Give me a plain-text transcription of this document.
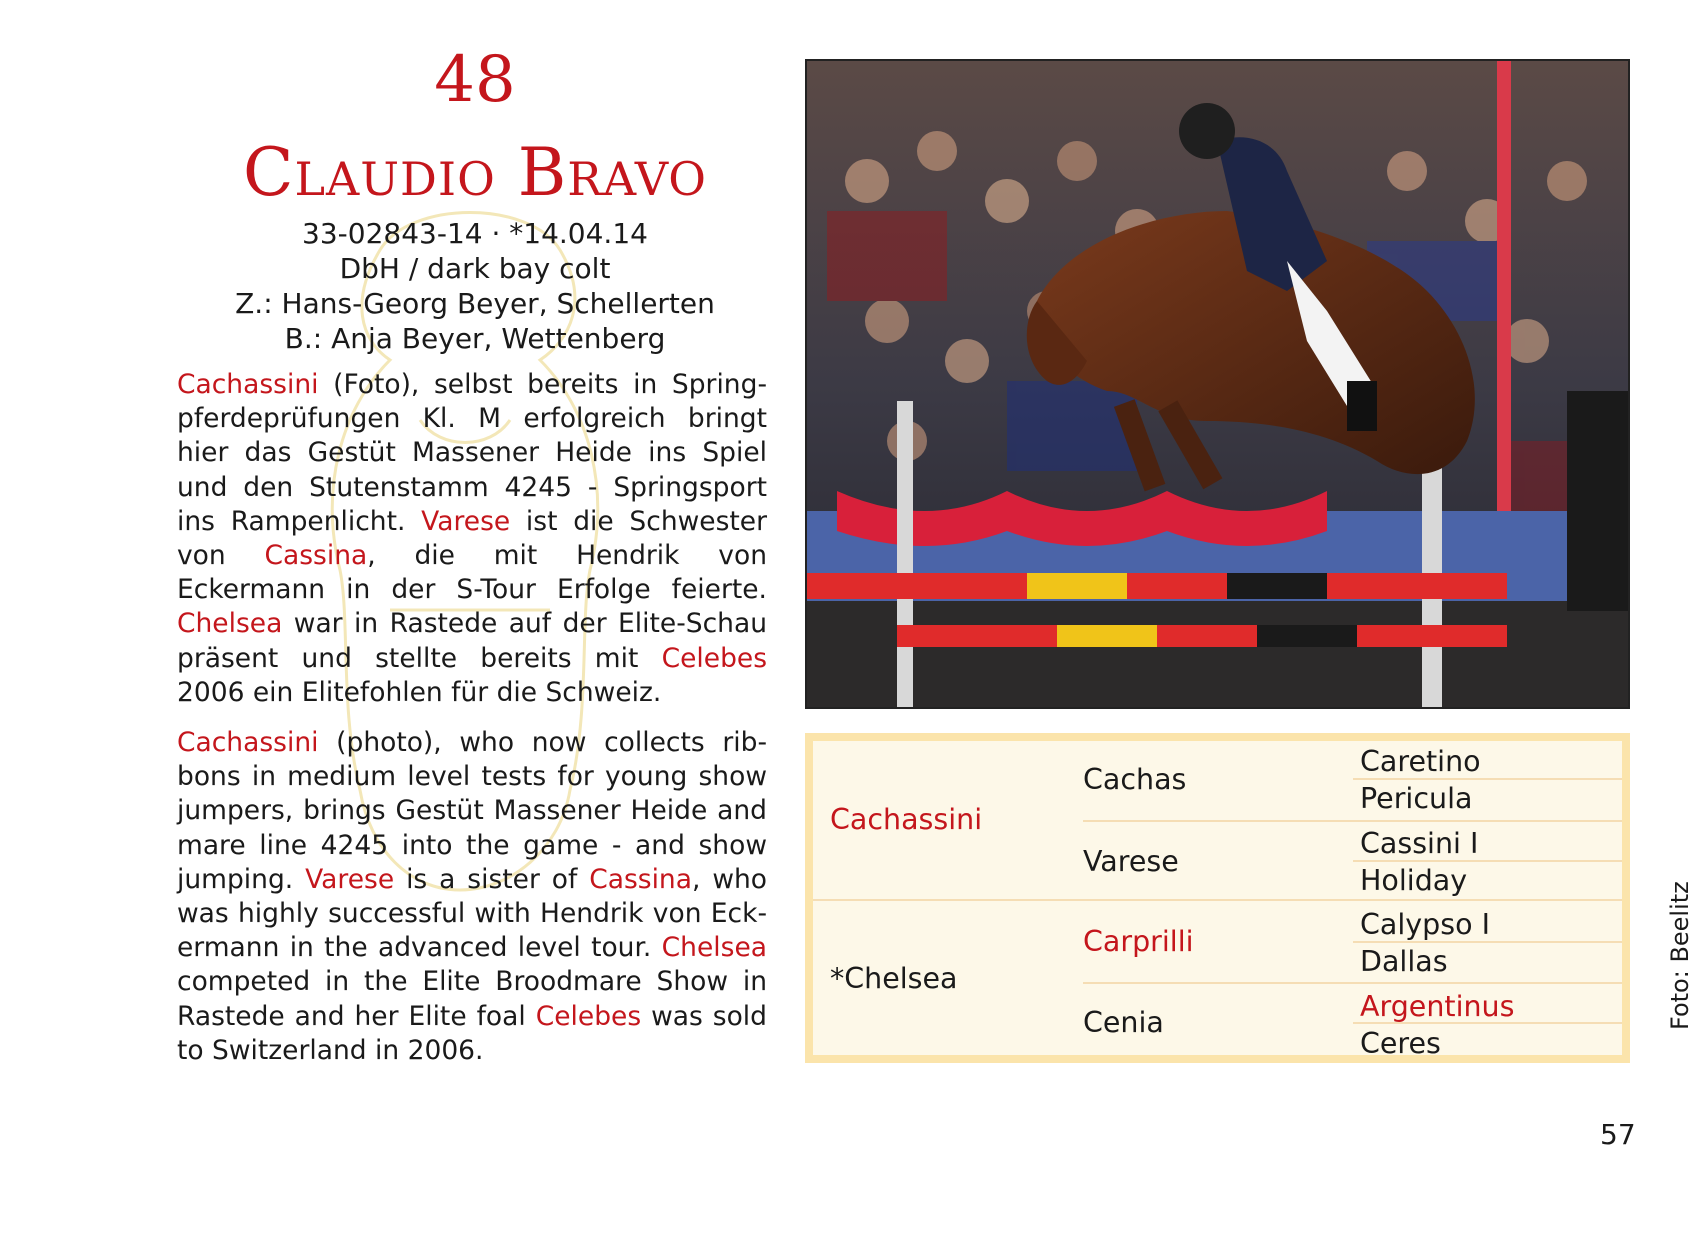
48
Claudio Bravo
33-02843-14 · *14.04.14
DbH / dark bay colt
Z.: Hans-Georg Beyer, Schellerten
B.: Anja Beyer, Wettenberg
Cachassini (Foto), selbst bereits in Springpferdeprüfungen Kl. M erfolgreich bringt hier das Gestüt Massener Heide ins Spiel und den Stutenstamm 4245 - Springsport ins Rampenlicht. Varese ist die Schwester von Cassina, die mit Hendrik von Eckermann in der S-Tour Erfolge feierte. Chelsea war in Rastede auf der Elite-Schau präsent und stellte bereits mit Celebes 2006 ein Elitefohlen für die Schweiz.
Cachassini (photo), who now collects ribbons in medium level tests for young show jumpers, brings Gestüt Massener Heide and mare line 4245 into the game - and show jumping. Varese is a sister of Cassina, who was highly successful with Hendrik von Eckermann in the advanced level tour. Chelsea competed in the Elite Broodmare Show in Rastede and her Elite foal Celebes was sold to Switzerland in 2006.
Cachassini
*Chelsea
Cachas
Varese
Carprilli
Cenia
Caretino
Pericula
Cassini I
Holiday
Calypso I
Dallas
Argentinus
Ceres
Foto: Beelitz
57
